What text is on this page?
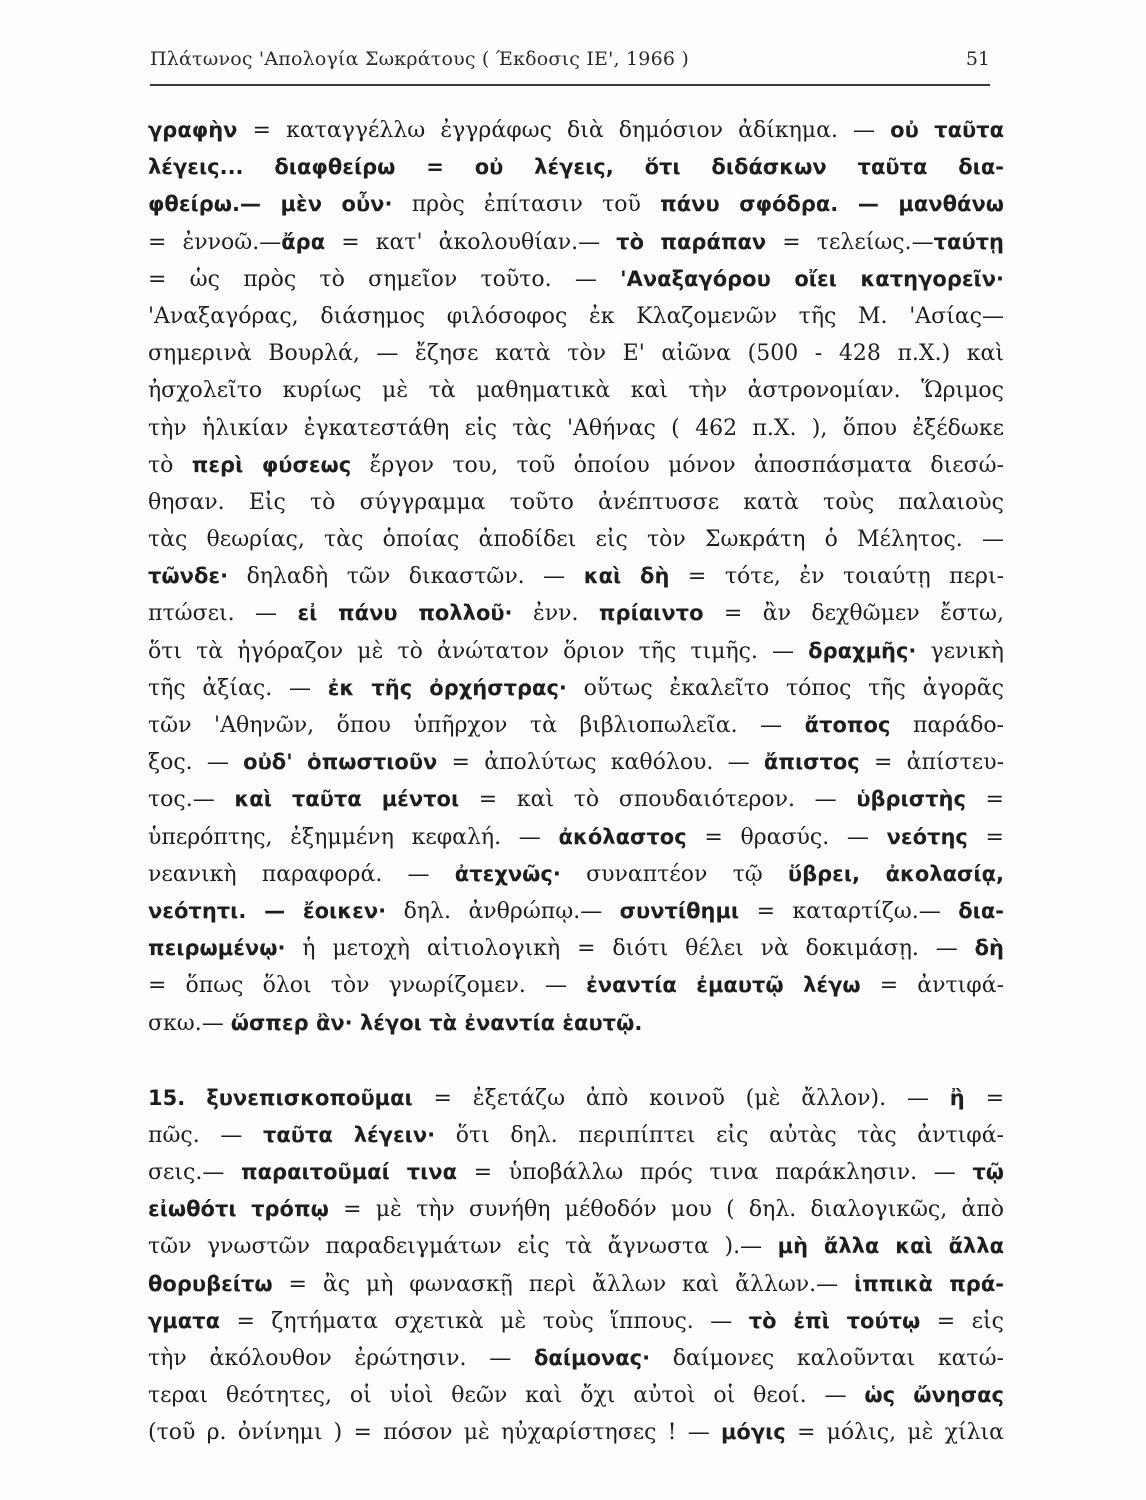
Πλάτωνος 'Απολογία Σωκράτους ( Έκδοσις ΙΕ', 1966 )	51
γραφὴν = καταγγέλλω ἐγγράφως διὰ δημόσιον ἀδίκημα. — οὐ ταῦτα
λέγεις... διαφθείρω = οὐ λέγεις, ὅτι διδάσκων ταῦτα δια-
φθείρω.— μὲν οὖν· πρὸς ἐπίτασιν τοῦ πάνυ σφόδρα. — μανθάνω
= ἐννοῶ.—ἄρα = κατ' ἀκολουθίαν.— τὸ παράπαν = τελείως.—ταύτῃ
= ὡς πρὸς τὸ σημεῖον τοῦτο. — 'Αναξαγόρου οἴει κατηγορεῖν·
'Αναξαγόρας, διάσημος φιλόσοφος ἐκ Κλαζομενῶν τῆς Μ. 'Ασίας—
σημερινὰ Βουρλά, — ἔζησε κατὰ τὸν Ε' αἰῶνα (500 - 428 π.Χ.) καὶ
ἠσχολεῖτο κυρίως μὲ τὰ μαθηματικὰ καὶ τὴν ἀστρονομίαν. Ὥριμος
τὴν ἡλικίαν ἐγκατεστάθη εἰς τὰς 'Αθήνας ( 462 π.Χ. ), ὅπου ἐξέδωκε
τὸ περὶ φύσεως ἔργον του, τοῦ ὁποίου μόνον ἀποσπάσματα διεσώ-
θησαν. Εἰς τὸ σύγγραμμα τοῦτο ἀνέπτυσσε κατὰ τοὺς παλαιοὺς
τὰς θεωρίας, τὰς ὁποίας ἀποδίδει εἰς τὸν Σωκράτη ὁ Μέλητος. —
τῶνδε· δηλαδὴ τῶν δικαστῶν. — καὶ δὴ = τότε, ἐν τοιαύτῃ περι-
πτώσει. — εἰ πάνυ πολλοῦ· ἐνν. πρίαιντο = ἂν δεχθῶμεν ἔστω,
ὅτι τὰ ἠγόραζον μὲ τὸ ἀνώτατον ὅριον τῆς τιμῆς. — δραχμῆς· γενικὴ
τῆς ἀξίας. — ἐκ τῆς ὀρχήστρας· οὕτως ἐκαλεῖτο τόπος τῆς ἀγορᾶς
τῶν 'Αθηνῶν, ὅπου ὑπῆρχον τὰ βιβλιοπωλεῖα. — ἄτοπος παράδο-
ξος. — οὐδ' ὁπωστιοῦν = ἀπολύτως καθόλου. — ἄπιστος = ἀπίστευ-
τος.— καὶ ταῦτα μέντοι = καὶ τὸ σπουδαιότερον. — ὑβριστὴς =
ὑπερόπτης, ἐξημμένη κεφαλή. — ἀκόλαστος = θρασύς. — νεότης =
νεανικὴ παραφορά. — ἀτεχνῶς· συναπτέον τῷ ὕβρει, ἀκολασίᾳ,
νεότητι. — ἔοικεν· δηλ. ἀνθρώπῳ.— συντίθημι = καταρτίζω.— δια-
πειρωμένῳ· ἡ μετοχὴ αἰτιολογικὴ = διότι θέλει νὰ δοκιμάσῃ. — δὴ
= ὅπως ὅλοι τὸν γνωρίζομεν. — ἐναντία ἐμαυτῷ λέγω = ἀντιφά-
σκω.— ὥσπερ ἂν· λέγοι τὰ ἐναντία ἑαυτῷ.
15. ξυνεπισκοποῦμαι = ἐξετάζω ἀπὸ κοινοῦ (μὲ ἄλλον). — ἢ =
πῶς. — ταῦτα λέγειν· ὅτι δηλ. περιπίπτει εἰς αὐτὰς τὰς ἀντιφά-
σεις.— παραιτοῦμαί τινα = ὑποβάλλω πρός τινα παράκλησιν. — τῷ
εἰωθότι τρόπῳ = μὲ τὴν συνήθη μέθοδόν μου ( δηλ. διαλογικῶς, ἀπὸ
τῶν γνωστῶν παραδειγμάτων εἰς τὰ ἄγνωστα ).— μὴ ἄλλα καὶ ἄλλα
θορυβείτω = ἂς μὴ φωνασκῇ περὶ ἄλλων καὶ ἄλλων.— ἱππικὰ πρά-
γματα = ζητήματα σχετικὰ μὲ τοὺς ἵππους. — τὸ ἐπὶ τούτῳ = εἰς
τὴν ἀκόλουθον ἐρώτησιν. — δαίμονας· δαίμονες καλοῦνται κατώ-
τεραι θεότητες, οἱ υἱοὶ θεῶν καὶ ὄχι αὐτοὶ οἱ θεοί. — ὡς ὤνησας
(τοῦ ρ. ὀνίνημι ) = πόσον μὲ ηὐχαρίστησες ! — μόγις = μόλις, μὲ χίλια
